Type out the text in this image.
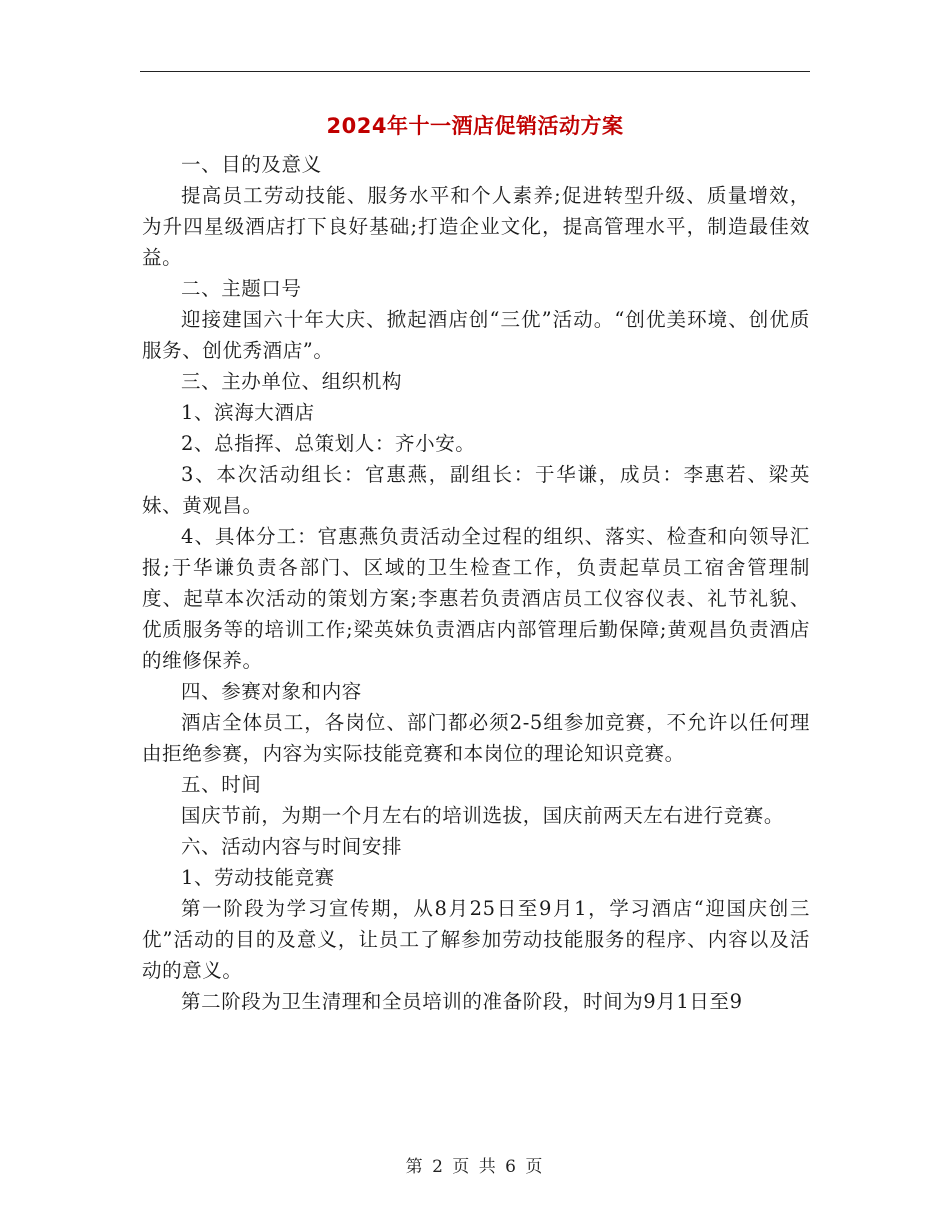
2024年十一酒店促销活动方案

一、目的及意义

提高员工劳动技能、服务水平和个人素养;促进转型升级、质量增效，为升四星级酒店打下良好基础;打造企业文化，提高管理水平，制造最佳效益。

二、主题口号

迎接建国六十年大庆、掀起酒店创“三优”活动。“创优美环境、创优质服务、创优秀酒店”。

三、主办单位、组织机构

1、滨海大酒店

2、总指挥、总策划人：齐小安。

3、本次活动组长：官惠燕，副组长：于华谦，成员：李惠若、梁英妹、黄观昌。

4、具体分工：官惠燕负责活动全过程的组织、落实、检查和向领导汇报;于华谦负责各部门、区域的卫生检查工作，负责起草员工宿舍管理制度、起草本次活动的策划方案;李惠若负责酒店员工仪容仪表、礼节礼貌、优质服务等的培训工作;梁英妹负责酒店内部管理后勤保障;黄观昌负责酒店的维修保养。

四、参赛对象和内容

酒店全体员工，各岗位、部门都必须2-5组参加竞赛，不允许以任何理由拒绝参赛，内容为实际技能竞赛和本岗位的理论知识竞赛。

五、时间

国庆节前，为期一个月左右的培训选拔，国庆前两天左右进行竞赛。

六、活动内容与时间安排

1、劳动技能竞赛

第一阶段为学习宣传期，从8月25日至9月1，学习酒店“迎国庆创三优”活动的目的及意义，让员工了解参加劳动技能服务的程序、内容以及活动的意义。

第二阶段为卫生清理和全员培训的准备阶段，时间为9月1日至9

第 2 页 共 6 页
